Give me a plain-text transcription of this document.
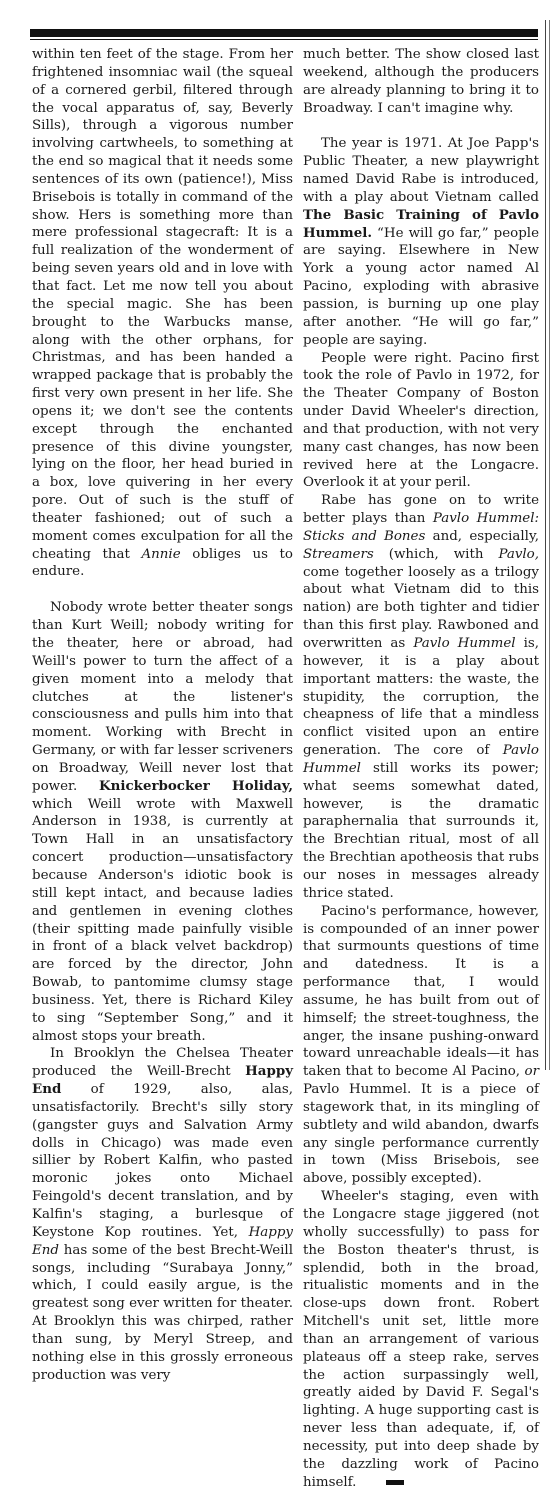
within ten feet of the stage. From her frightened insomniac wail (the squeal of a cornered gerbil, filtered through the vocal apparatus of, say, Beverly Sills), through a vigorous number involving cartwheels, to something at the end so magical that it needs some sentences of its own (patience!), Miss Brisebois is totally in command of the show. Hers is something more than mere professional stagecraft: It is a full realization of the wonderment of being seven years old and in love with that fact. Let me now tell you about the special magic. She has been brought to the Warbucks manse, along with the other orphans, for Christmas, and has been handed a wrapped package that is probably the first very own present in her life. She opens it; we don't see the contents except through the enchanted presence of this divine youngster, lying on the floor, her head buried in a box, love quivering in her every pore. Out of such is the stuff of theater fashioned; out of such a moment comes exculpation for all the cheating that Annie obliges us to endure.

Nobody wrote better theater songs than Kurt Weill; nobody writing for the theater, here or abroad, had Weill's power to turn the affect of a given moment into a melody that clutches at the listener's consciousness and pulls him into that moment. Working with Brecht in Germany, or with far lesser scriveners on Broadway, Weill never lost that power. Knickerbocker Holiday, which Weill wrote with Maxwell Anderson in 1938, is currently at Town Hall in an unsatisfactory concert production—unsatisfactory because Anderson's idiotic book is still kept intact, and because ladies and gentlemen in evening clothes (their spitting made painfully visible in front of a black velvet backdrop) are forced by the director, John Bowab, to pantomime clumsy stage business. Yet, there is Richard Kiley to sing “September Song,” and it almost stops your breath.

In Brooklyn the Chelsea Theater produced the Weill-Brecht Happy End of 1929, also, alas, unsatisfactorily. Brecht's silly story (gangster guys and Salvation Army dolls in Chicago) was made even sillier by Robert Kalfin, who pasted moronic jokes onto Michael Feingold's decent translation, and by Kalfin's staging, a burlesque of Keystone Kop routines. Yet, Happy End has some of the best Brecht-Weill songs, including “Surabaya Jonny,” which, I could easily argue, is the greatest song ever written for theater. At Brooklyn this was chirped, rather than sung, by Meryl Streep, and nothing else in this grossly erroneous production was very

much better. The show closed last weekend, although the producers are already planning to bring it to Broadway. I can't imagine why.

The year is 1971. At Joe Papp's Public Theater, a new playwright named David Rabe is introduced, with a play about Vietnam called The Basic Training of Pavlo Hummel. “He will go far,” people are saying. Elsewhere in New York a young actor named Al Pacino, exploding with abrasive passion, is burning up one play after another. “He will go far,” people are saying.

People were right. Pacino first took the role of Pavlo in 1972, for the Theater Company of Boston under David Wheeler's direction, and that production, with not very many cast changes, has now been revived here at the Longacre. Overlook it at your peril.

Rabe has gone on to write better plays than Pavlo Hummel: Sticks and Bones and, especially, Streamers (which, with Pavlo, come together loosely as a trilogy about what Vietnam did to this nation) are both tighter and tidier than this first play. Rawboned and overwritten as Pavlo Hummel is, however, it is a play about important matters: the waste, the stupidity, the corruption, the cheapness of life that a mindless conflict visited upon an entire generation. The core of Pavlo Hummel still works its power; what seems somewhat dated, however, is the dramatic paraphernalia that surrounds it, the Brechtian ritual, most of all the Brechtian apotheosis that rubs our noses in messages already thrice stated.

Pacino's performance, however, is compounded of an inner power that surmounts questions of time and datedness. It is a performance that, I would assume, he has built from out of himself; the street-toughness, the anger, the insane pushing-onward toward unreachable ideals—it has taken that to become Al Pacino, or Pavlo Hummel. It is a piece of stagework that, in its mingling of subtlety and wild abandon, dwarfs any single performance currently in town (Miss Brisebois, see above, possibly excepted).

Wheeler's staging, even with the Longacre stage jiggered (not wholly successfully) to pass for the Boston theater's thrust, is splendid, both in the broad, ritualistic moments and in the close-ups down front. Robert Mitchell's unit set, little more than an arrangement of various plateaus off a steep rake, serves the action surpassingly well, greatly aided by David F. Segal's lighting. A huge supporting cast is never less than adequate, if, of necessity, put into deep shade by the dazzling work of Pacino himself.
